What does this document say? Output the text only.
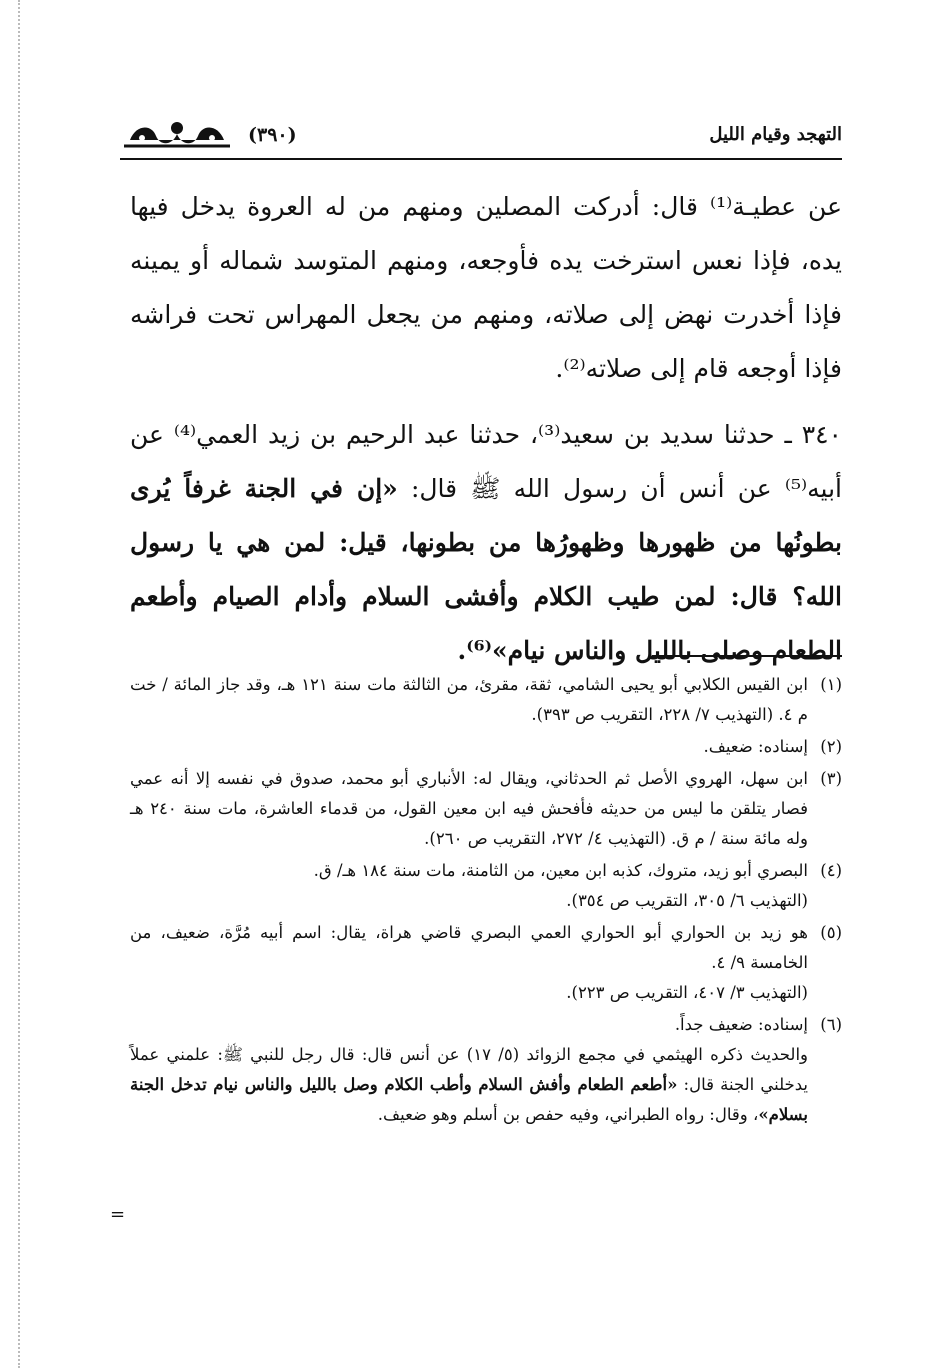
التهجد وقيام الليل
(٣٩٠)

عن عطيـة⁽¹⁾ قال: أدركت المصلين ومنهم من له العروة يدخل فيها يده، فإذا نعس استرخت يده فأوجعه، ومنهم المتوسد شماله أو يمينه فإذا أخدرت نهض إلى صلاته، ومنهم من يجعل المهراس تحت فراشه فإذا أوجعه قام إلى صلاته⁽²⁾.

٣٤٠ ـ حدثنا سديد بن سعيد⁽³⁾، حدثنا عبد الرحيم بن زيد العمي⁽⁴⁾ عن أبيه⁽⁵⁾ عن أنس أن رسول الله ﷺ قال: «إن في الجنة غرفاً يُرى بطونُها من ظهورها وظهورُها من بطونها، قيل: لمن هي يا رسول الله؟ قال: لمن طيب الكلام وأفشى السلام وأدام الصيام وأطعم الطعام وصلى بالليل والناس نيام»⁽⁶⁾.

(١)
ابن القيس الكلابي أبو يحيى الشامي، ثقة، مقرئ، من الثالثة مات سنة ١٢١ هـ، وقد جاز المائة / خت م ٤. (التهذيب ٧/ ٢٢٨، التقريب ص ٣٩٣).
(٢)
إسناده: ضعيف.
(٣)
ابن سهل، الهروي الأصل ثم الحدثاني، ويقال له: الأنباري أبو محمد، صدوق في نفسه إلا أنه عمي فصار يتلقن ما ليس من حديثه فأفحش فيه ابن معين القول، من قدماء العاشرة، مات سنة ٢٤٠ هـ وله مائة سنة / م ق. (التهذيب ٤/ ٢٧٢، التقريب ص ٢٦٠).
(٤)
البصري أبو زيد، متروك، كذبه ابن معين، من الثامنة، مات سنة ١٨٤ هـ/ ق.
(التهذيب ٦/ ٣٠٥، التقريب ص ٣٥٤).
(٥)
هو زيد بن الحواري أبو الحواري العمي البصري قاضي هراة، يقال: اسم أبيه مُرَّة، ضعيف، من الخامسة ٩/ ٤.
(التهذيب ٣/ ٤٠٧، التقريب ص ٢٢٣).
(٦)
إسناده: ضعيف جداً.
والحديث ذكره الهيثمي في مجمع الزوائد (٥/ ١٧) عن أنس قال: قال رجل للنبي ﷺ: علمني عملاً يدخلني الجنة قال: «أطعم الطعام وأفش السلام وأطب الكلام وصل بالليل والناس نيام تدخل الجنة بسلام»، وقال: رواه الطبراني، وفيه حفص بن أسلم وهو ضعيف.
=
